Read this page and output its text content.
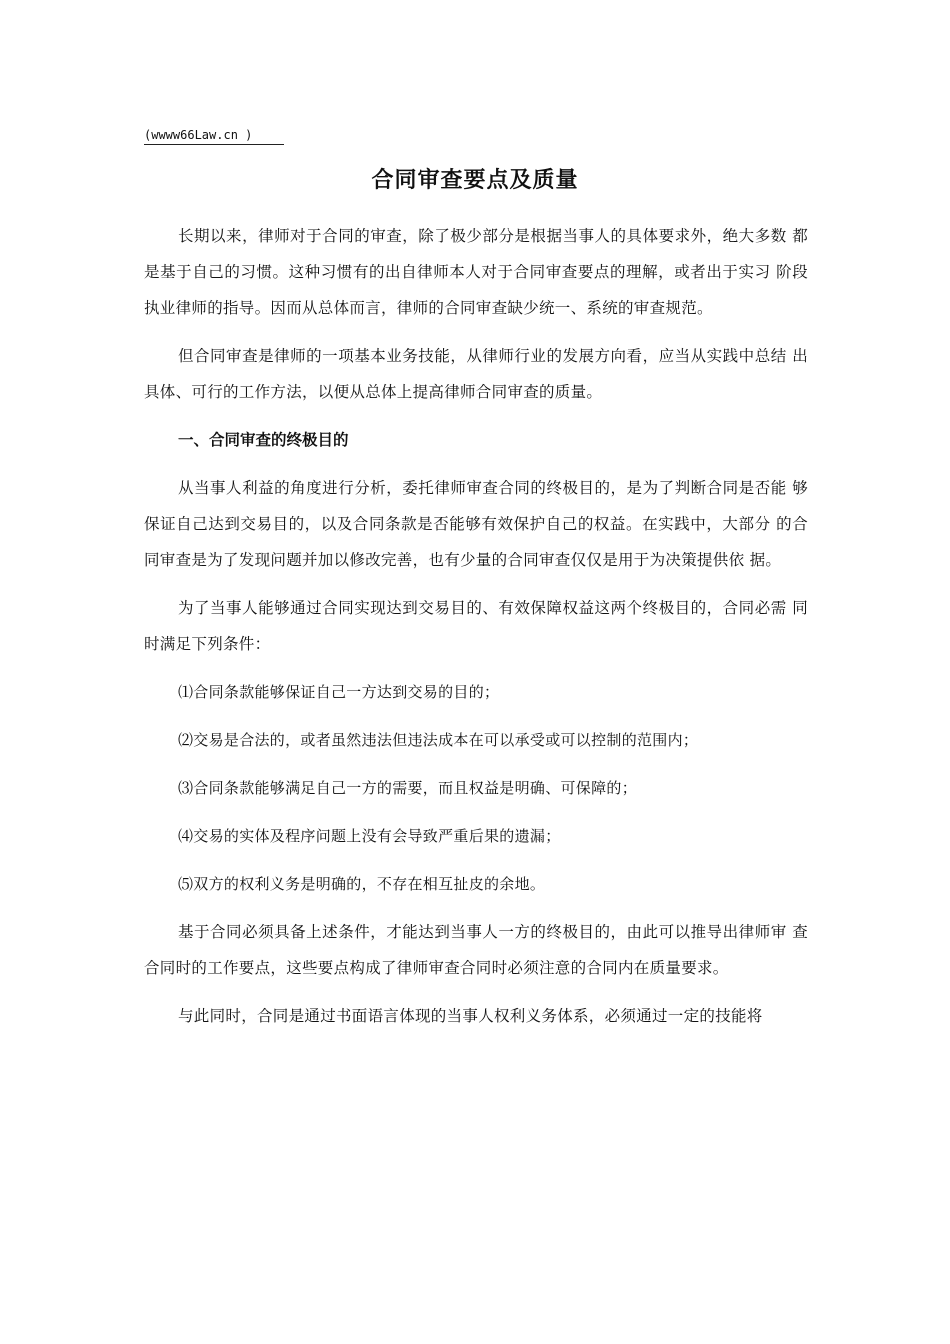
(wwww66Law.cn )
合同审查要点及质量

长期以来，律师对于合同的审查，除了极少部分是根据当事人的具体要求外，绝大多数 都是基于自己的习惯。这种习惯有的出自律师本人对于合同审查要点的理解，或者出于实习 阶段执业律师的指导。因而从总体而言，律师的合同审查缺少统一、系统的审查规范。

但合同审查是律师的一项基本业务技能，从律师行业的发展方向看，应当从实践中总结 出具体、可行的工作方法，以便从总体上提高律师合同审查的质量。

一、合同审查的终极目的

从当事人利益的角度进行分析，委托律师审查合同的终极目的，是为了判断合同是否能 够保证自己达到交易目的，以及合同条款是否能够有效保护自己的权益。在实践中，大部分 的合同审查是为了发现问题并加以修改完善，也有少量的合同审查仅仅是用于为决策提供依 据。

为了当事人能够通过合同实现达到交易目的、有效保障权益这两个终极目的，合同必需 同时满足下列条件：

⑴合同条款能够保证自己一方达到交易的目的；
⑵交易是合法的，或者虽然违法但违法成本在可以承受或可以控制的范围内；
⑶合同条款能够满足自己一方的需要，而且权益是明确、可保障的；
⑷交易的实体及程序问题上没有会导致严重后果的遗漏；
⑸双方的权利义务是明确的，不存在相互扯皮的余地。

基于合同必须具备上述条件，才能达到当事人一方的终极目的，由此可以推导出律师审 查合同时的工作要点，这些要点构成了律师审查合同时必须注意的合同内在质量要求。

与此同时，合同是通过书面语言体现的当事人权利义务体系，必须通过一定的技能将
